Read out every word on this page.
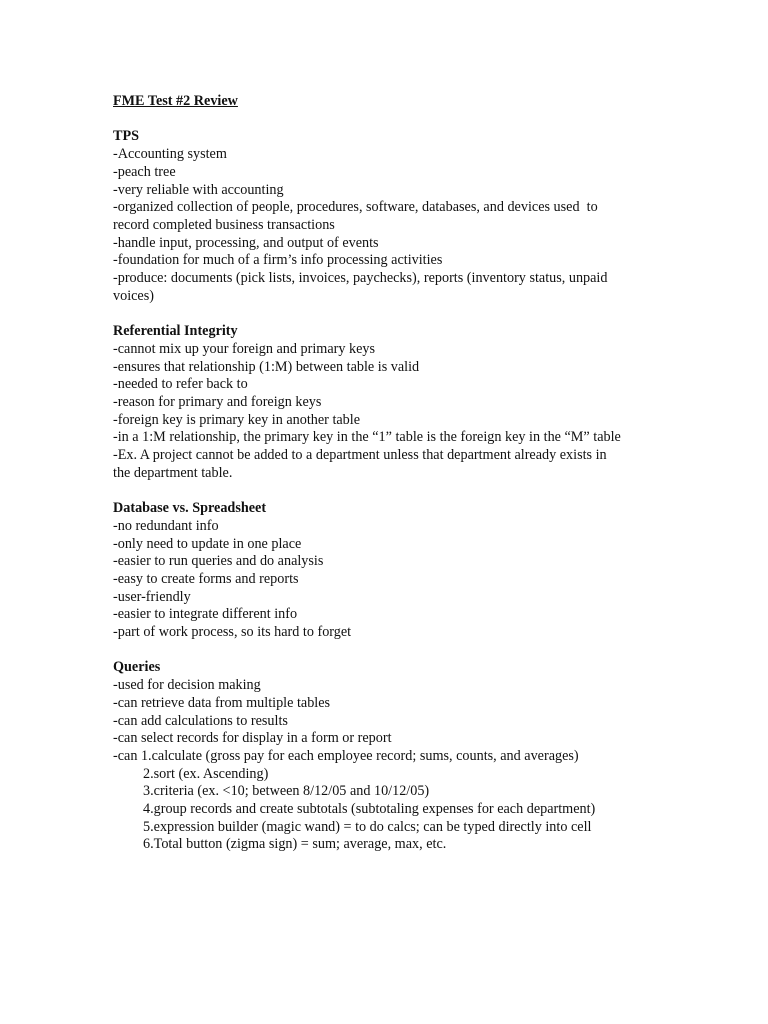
FME Test #2 Review

TPS

-Accounting system

-peach tree

-very reliable with accounting

-organized collection of people, procedures, software, databases, and devices used  to

record completed business transactions

-handle input, processing, and output of events

-foundation for much of a firm’s info processing activities

-produce: documents (pick lists, invoices, paychecks), reports (inventory status, unpaid

voices)

Referential Integrity

-cannot mix up your foreign and primary keys

-ensures that relationship (1:M) between table is valid

-needed to refer back to

-reason for primary and foreign keys

-foreign key is primary key in another table

-in a 1:M relationship, the primary key in the “1” table is the foreign key in the “M” table

-Ex. A project cannot be added to a department unless that department already exists in

the department table.

Database vs. Spreadsheet

-no redundant info

-only need to update in one place

-easier to run queries and do analysis

-easy to create forms and reports

-user-friendly

-easier to integrate different info

-part of work process, so its hard to forget

Queries

-used for decision making

-can retrieve data from multiple tables

-can add calculations to results

-can select records for display in a form or report

-can 1.calculate (gross pay for each employee record; sums, counts, and averages)

2.sort (ex. Ascending)

3.criteria (ex. <10; between 8/12/05 and 10/12/05)

4.group records and create subtotals (subtotaling expenses for each department)

5.expression builder (magic wand) = to do calcs; can be typed directly into cell

6.Total button (zigma sign) = sum; average, max, etc.
